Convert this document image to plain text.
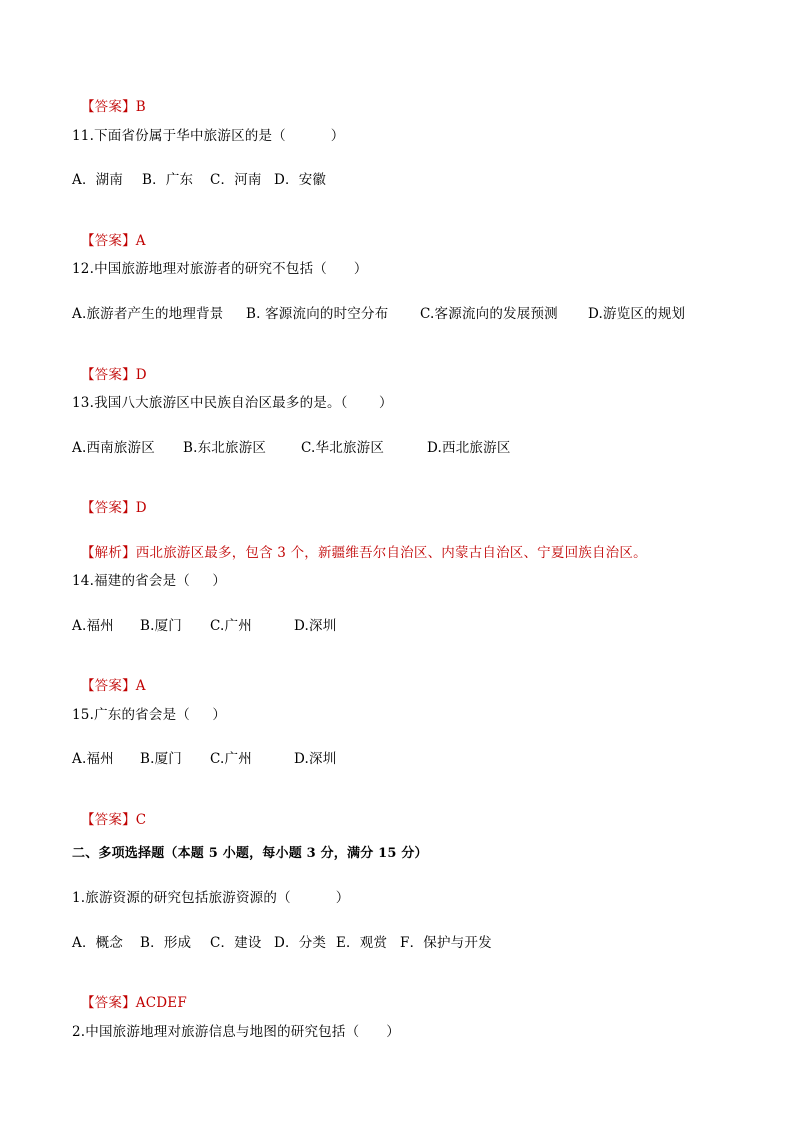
【答案】B

11.下面省份属于华中旅游区的是（          ）

A．湖南

B．广东

C．河南

D．安徽

【答案】A

12.中国旅游地理对旅游者的研究不包括（      ）

A.旅游者产生的地理背景

B. 客源流向的时空分布

C.客源流向的发展预测

D.游览区的规划

【答案】D

13.我国八大旅游区中民族自治区最多的是。（       ）

A.西南旅游区

B.东北旅游区

	C.华北旅游区

	D.西北旅游区

【答案】D

【解析】西北旅游区最多，包含 3 个，新疆维吾尔自治区、内蒙古自治区、宁夏回族自治区。

14.福建的省会是（     ）

A.福州

B.厦门

C.广州

	D.深圳

【答案】A

15.广东的省会是（     ）

A.福州

B.厦门

C.广州

	D.深圳

【答案】C

二、多项选择题（本题 5 小题，每小题 3 分，满分 15 分）
1.旅游资源的研究包括旅游资源的（          ）

A．概念

B．形成

C．建设

D．分类

E．观赏

F．保护与开发

【答案】ACDEF

2.中国旅游地理对旅游信息与地图的研究包括（      ）
